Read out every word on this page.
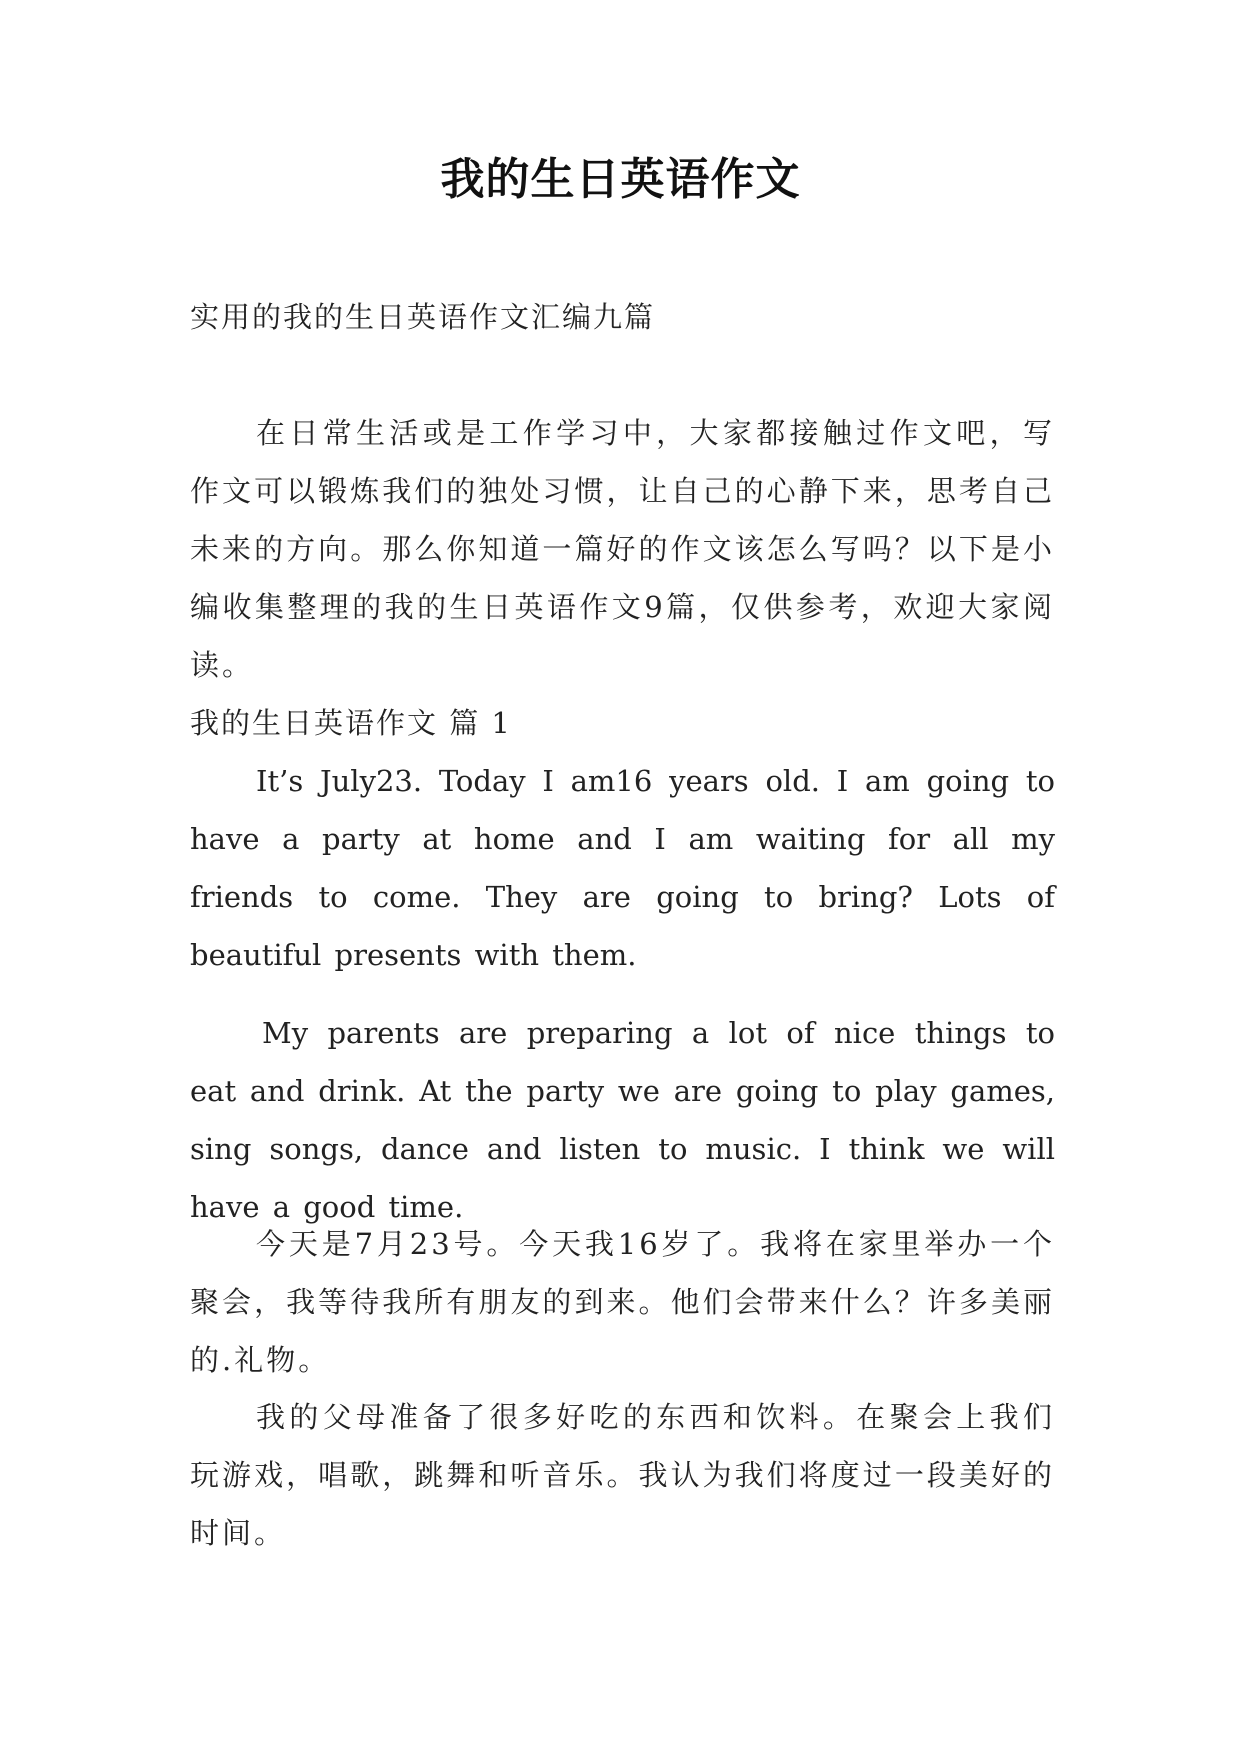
我的生日英语作文

实用的我的生日英语作文汇编九篇

在日常生活或是工作学习中，大家都接触过作文吧，写作文可以锻炼我们的独处习惯，让自己的心静下来，思考自己未来的方向。那么你知道一篇好的作文该怎么写吗？以下是小编收集整理的我的生日英语作文9篇，仅供参考，欢迎大家阅读。

我的生日英语作文 篇 1

It’s July23. Today I am16 years old. I am going to have a party at home and I am waiting for all my friends to come. They are going to bring? Lots of beautiful presents with them.

My parents are preparing a lot of nice things to eat and drink. At the party we are going to play games, sing songs, dance and listen to music. I think we will have a good time.

今天是7月23号。今天我16岁了。我将在家里举办一个聚会，我等待我所有朋友的到来。他们会带来什么？许多美丽的.礼物。

我的父母准备了很多好吃的东西和饮料。在聚会上我们玩游戏，唱歌，跳舞和听音乐。我认为我们将度过一段美好的时间。
